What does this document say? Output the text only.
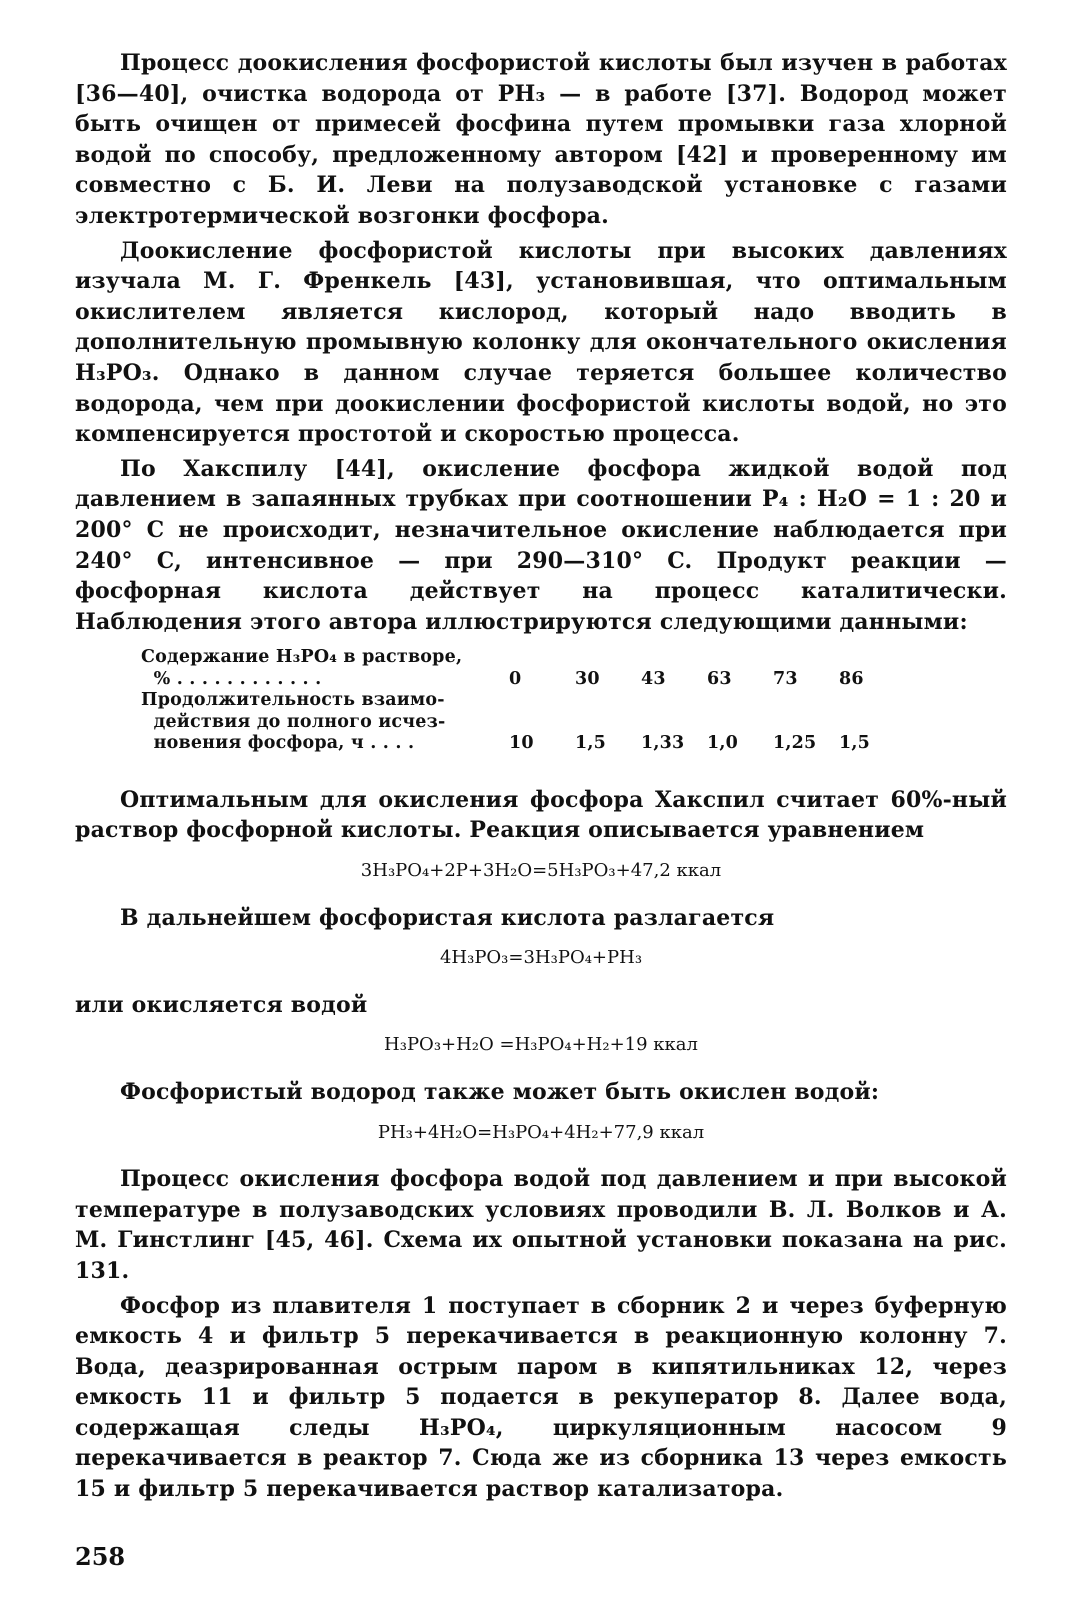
Процесс доокисления фосфористой кислоты был изучен в работах [36—40], очистка водорода от PH₃ — в работе [37]. Водород может быть очищен от примесей фосфина путем промывки газа хлорной водой по способу, предложенному автором [42] и проверенному им совместно с Б. И. Леви на полузаводской установке с газами электротермической возгонки фосфора.

Доокисление фосфористой кислоты при высоких давлениях изучала М. Г. Френкель [43], установившая, что оптимальным окислителем является кислород, который надо вводить в дополнительную промывную колонку для окончательного окисления H₃PO₃. Однако в данном случае теряется большее количество водорода, чем при доокислении фосфористой кислоты водой, но это компенсируется простотой и скоростью процесса.

По Хакспилу [44], окисление фосфора жидкой водой под давлением в запаянных трубках при соотношении P₄ : H₂O = 1 : 20 и 200° C не происходит, незначительное окисление наблюдается при 240° C, интенсивное — при 290—310° C. Продукт реакции — фосфорная кислота действует на процесс каталитически. Наблюдения этого автора иллюстрируются следующими данными:

Содержание H₃PO₄ в растворе,
% . . . . . . . . . . . .	0	30	43	63	73	86
Продолжительность взаимо-
действия до полного исчез-
новения фосфора, ч . . . .	10	1,5	1,33	1,0	1,25	1,5

Оптимальным для окисления фосфора Хакспил считает 60%-ный раствор фосфорной кислоты. Реакция описывается уравнением

3H₃PO₄+2P+3H₂O=5H₃PO₃+47,2 ккал

В дальнейшем фосфористая кислота разлагается

4H₃PO₃=3H₃PO₄+PH₃

или окисляется водой

H₃PO₃+H₂O =H₃PO₄+H₂+19 ккал

Фосфористый водород также может быть окислен водой:

PH₃+4H₂O=H₃PO₄+4H₂+77,9 ккал

Процесс окисления фосфора водой под давлением и при высокой температуре в полузаводских условиях проводили В. Л. Волков и А. М. Гинстлинг [45, 46]. Схема их опытной установки показана на рис. 131.

Фосфор из плавителя 1 поступает в сборник 2 и через буферную емкость 4 и фильтр 5 перекачивается в реакционную колонну 7. Вода, деазрированная острым паром в кипятильниках 12, через емкость 11 и фильтр 5 подается в рекуператор 8. Далее вода, содержащая следы H₃PO₄, циркуляционным насосом 9 перекачивается в реактор 7. Сюда же из сборника 13 через емкость 15 и фильтр 5 перекачивается раствор катализатора.

258
